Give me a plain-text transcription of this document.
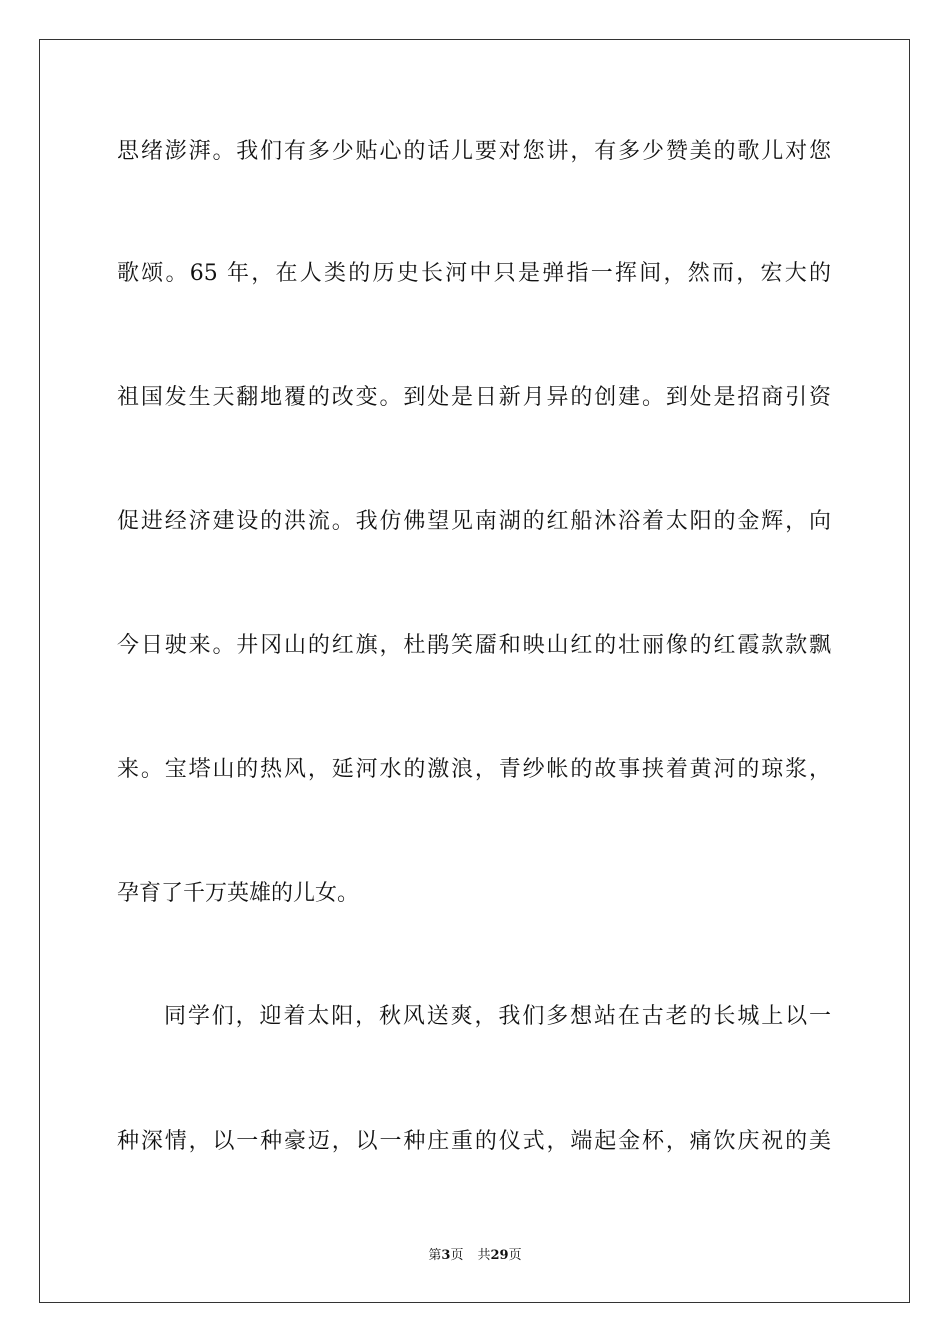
思绪澎湃。我们有多少贴心的话儿要对您讲，有多少赞美的歌儿对您
歌颂。65 年，在人类的历史长河中只是弹指一挥间，然而，宏大的
祖国发生天翻地覆的改变。到处是日新月异的创建。到处是招商引资
促进经济建设的洪流。我仿佛望见南湖的红船沐浴着太阳的金辉，向
今日驶来。井冈山的红旗，杜鹃笑靥和映山红的壮丽像的红霞款款飘
来。宝塔山的热风，延河水的激浪，青纱帐的故事挟着黄河的琼浆，
孕育了千万英雄的儿女。
同学们，迎着太阳，秋风送爽，我们多想站在古老的长城上以一
种深情，以一种豪迈，以一种庄重的仪式，端起金杯，痛饮庆祝的美
第3页 共29页
